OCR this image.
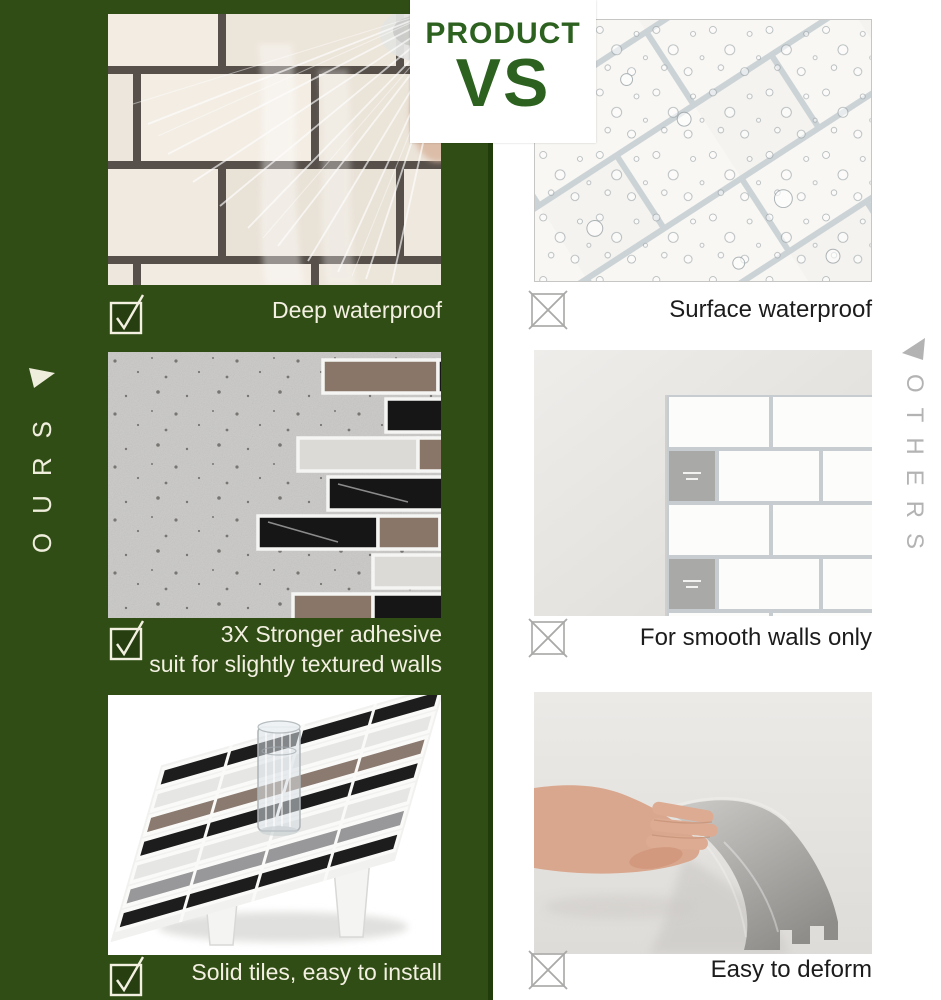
OURS	OTHERS
PRODUCT
VS
Deep waterproof
3X Stronger adhesive
suit for slightly textured walls
Solid tiles, easy to install
Surface waterproof
For smooth walls only
Easy to deform
